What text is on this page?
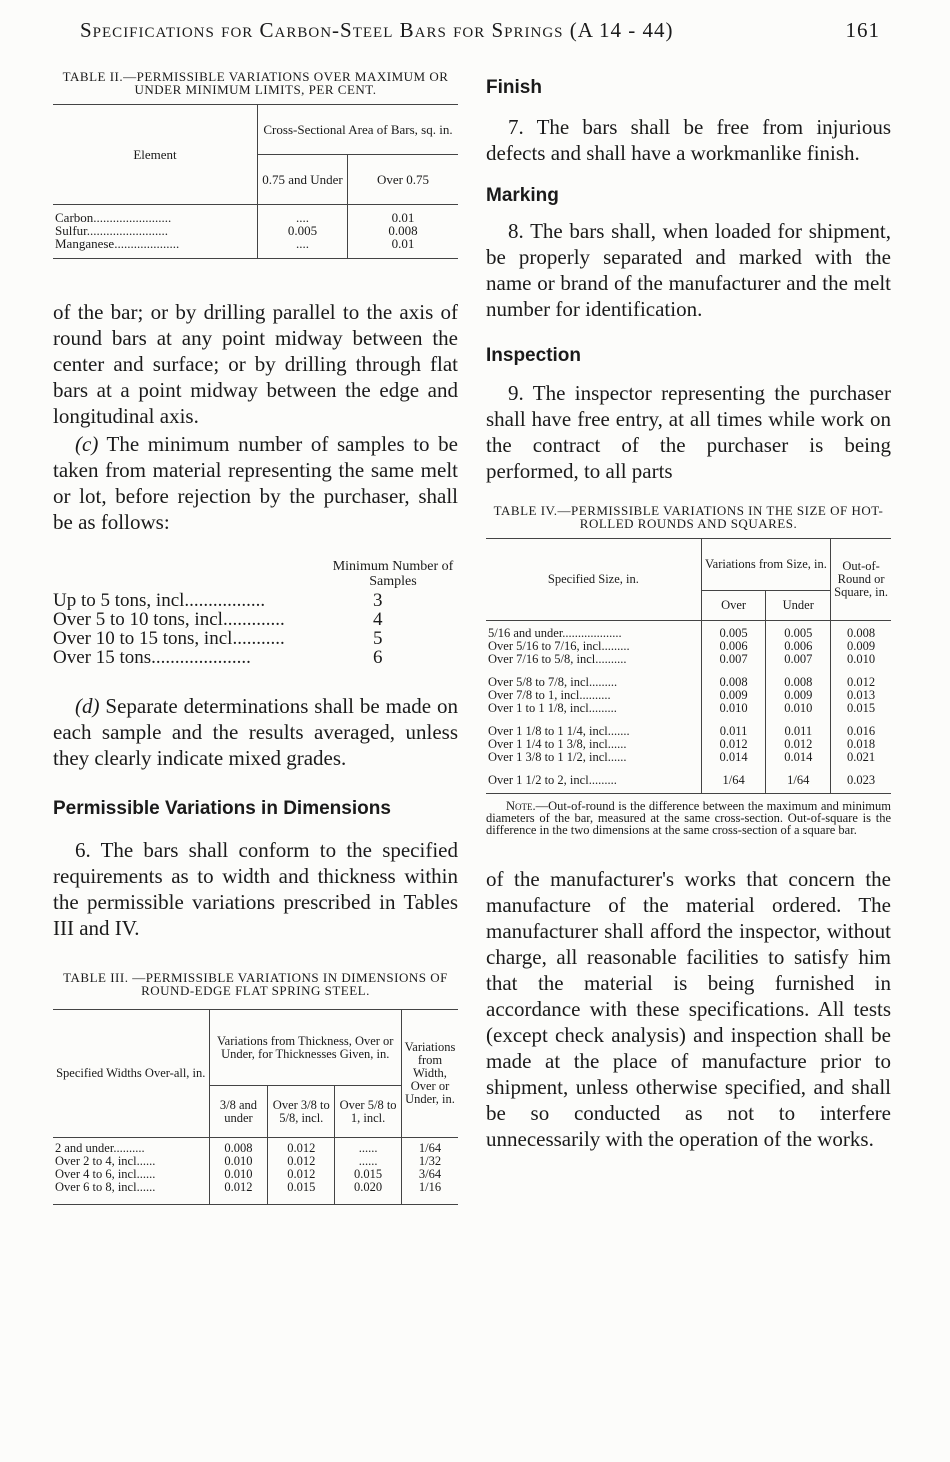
Specifications for Carbon-Steel Bars for Springs (A 14 - 44)	161
TABLE II.—PERMISSIBLE VARIATIONS OVER MAXIMUM OR UNDER MINIMUM LIMITS, PER CENT.
Element	Cross-Sectional Area of Bars, sq. in.	
	0.75 and Under	Over 0.75
Carbon........................	....	0.01
Sulfur.........................	0.005	0.008
Manganese....................	....	0.01

of the bar; or by drilling parallel to the axis of round bars at any point midway between the center and surface; or by drilling through flat bars at a point midway between the edge and longitudinal axis.

(c) The minimum number of samples to be taken from material representing the same melt or lot, before rejection by the purchaser, shall be as follows:

Minimum Number of Samples
Up to 5 tons, incl.................	3
Over 5 to 10 tons, incl.............	4
Over 10 to 15 tons, incl...........	5
Over 15 tons.....................	6

(d) Separate determinations shall be made on each sample and the results averaged, unless they clearly indicate mixed grades.

Permissible Variations in Dimensions

6. The bars shall conform to the specified requirements as to width and thickness within the permissible variations prescribed in Tables III and IV.

TABLE III. —PERMISSIBLE VARIATIONS IN DIMENSIONS OF ROUND-EDGE FLAT SPRING STEEL.
Specified Widths Over-all, in.	Variations from Thickness, Over or Under, for Thicknesses Given, in.			Variations from Width, Over or Under, in.
	3/8 and under	Over 3/8 to 5/8, incl.	Over 5/8 to 1, incl.	
2 and under..........	0.008	0.012	......	1/64
Over 2 to 4, incl......	0.010	0.012	......	1/32
Over 4 to 6, incl......	0.010	0.012	0.015	3/64
Over 6 to 8, incl......	0.012	0.015	0.020	1/16
Finish

7. The bars shall be free from injurious defects and shall have a workmanlike finish.

Marking

8. The bars shall, when loaded for shipment, be properly separated and marked with the name or brand of the manufacturer and the melt number for identification.

Inspection

9. The inspector representing the purchaser shall have free entry, at all times while work on the contract of the purchaser is being performed, to all parts

TABLE IV.—PERMISSIBLE VARIATIONS IN THE SIZE OF HOT-ROLLED ROUNDS AND SQUARES.
Specified Size, in.	Variations from Size, in.		Out-of-Round or Square, in.
	Over	Under	
5/16 and under...................	0.005	0.005	0.008
Over 5/16 to 7/16, incl.........	0.006	0.006	0.009
Over 7/16 to 5/8, incl..........	0.007	0.007	0.010
Over 5/8 to 7/8, incl.........	0.008	0.008	0.012
Over 7/8 to 1, incl..........	0.009	0.009	0.013
Over 1 to 1 1/8, incl.........	0.010	0.010	0.015
Over 1 1/8 to 1 1/4, incl.......	0.011	0.011	0.016
Over 1 1/4 to 1 3/8, incl......	0.012	0.012	0.018
Over 1 3/8 to 1 1/2, incl......	0.014	0.014	0.021
Over 1 1/2 to 2, incl.........	1/64	1/64	0.023
Note.—Out-of-round is the difference between the maximum and minimum diameters of the bar, measured at the same cross-section. Out-of-square is the difference in the two dimensions at the same cross-section of a square bar.

of the manufacturer's works that concern the manufacture of the material ordered. The manufacturer shall afford the inspector, without charge, all reasonable facilities to satisfy him that the material is being furnished in accordance with these specifications. All tests (except check analysis) and inspection shall be made at the place of manufacture prior to shipment, unless otherwise specified, and shall be so conducted as not to interfere unnecessarily with the operation of the works.
